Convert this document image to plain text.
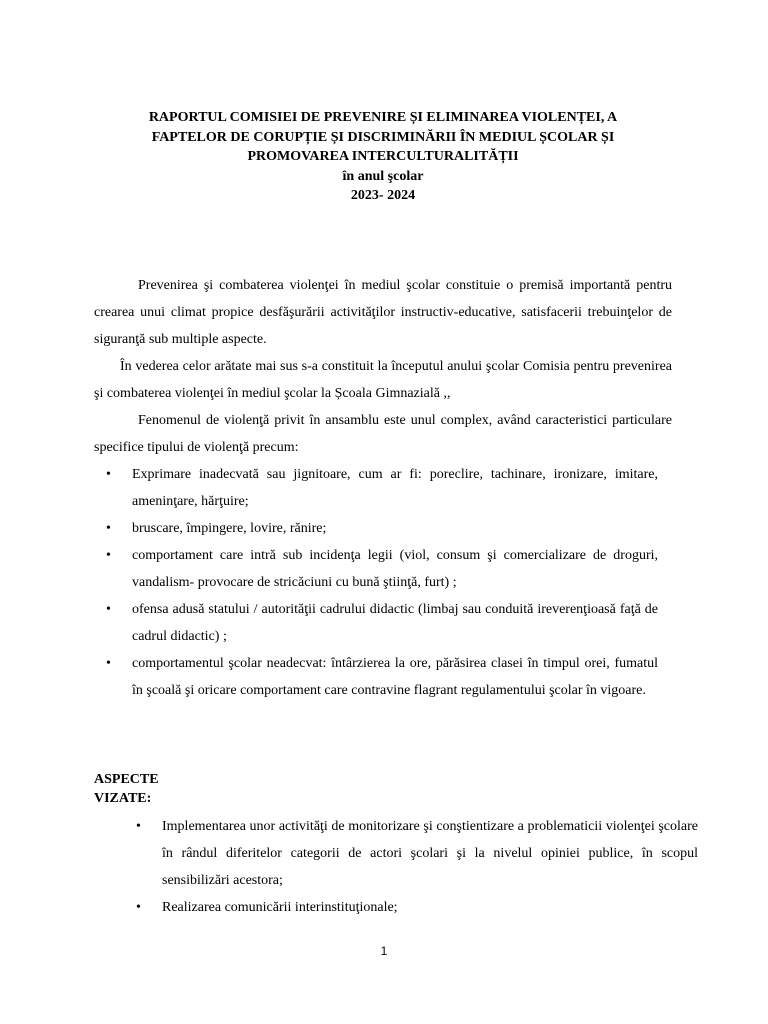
RAPORTUL COMISIEI DE PREVENIRE ȘI ELIMINAREA VIOLENȚEI, A
FAPTELOR DE CORUPȚIE ȘI DISCRIMINĂRII ÎN MEDIUL ȘCOLAR ȘI
PROMOVAREA INTERCULTURALITĂȚII
în anul şcolar
2023- 2024

Prevenirea şi combaterea violenţei în mediul şcolar constituie o premisă importantă pentru crearea unui climat propice desfăşurării activităţilor instructiv-educative, satisfacerii trebuinţelor de siguranţă sub multiple aspecte.

În vederea celor arătate mai sus s-a constituit la începutul anului şcolar Comisia pentru prevenirea şi combaterea violenţei în mediul şcolar la Școala Gimnazială ,,

Fenomenul de violenţă privit în ansamblu este unul complex, având caracteristici particulare specifice tipului de violenţă precum:

• Exprimare inadecvată sau jignitoare, cum ar fi: poreclire, tachinare, ironizare, imitare, ameninţare, hărţuire;
• bruscare, împingere, lovire, rănire;
• comportament care intră sub incidenţa legii (viol, consum şi comercializare de droguri, vandalism- provocare de stricăciuni cu bună ştiinţă, furt) ;
• ofensa adusă statului / autorităţii cadrului didactic (limbaj sau conduită ireverenţioasă faţă de cadrul didactic) ;
• comportamentul şcolar neadecvat: întârzierea la ore, părăsirea clasei în timpul orei, fumatul în şcoală şi oricare comportament care contravine flagrant regulamentului şcolar în vigoare.
ASPECTE
VIZATE:
• Implementarea unor activităţi de monitorizare şi conştientizare a problematicii violenţei şcolare în rândul diferitelor categorii de actori şcolari şi la nivelul opiniei publice, în scopul sensibilizări acestora;
• Realizarea comunicării interinstituţionale;
1
